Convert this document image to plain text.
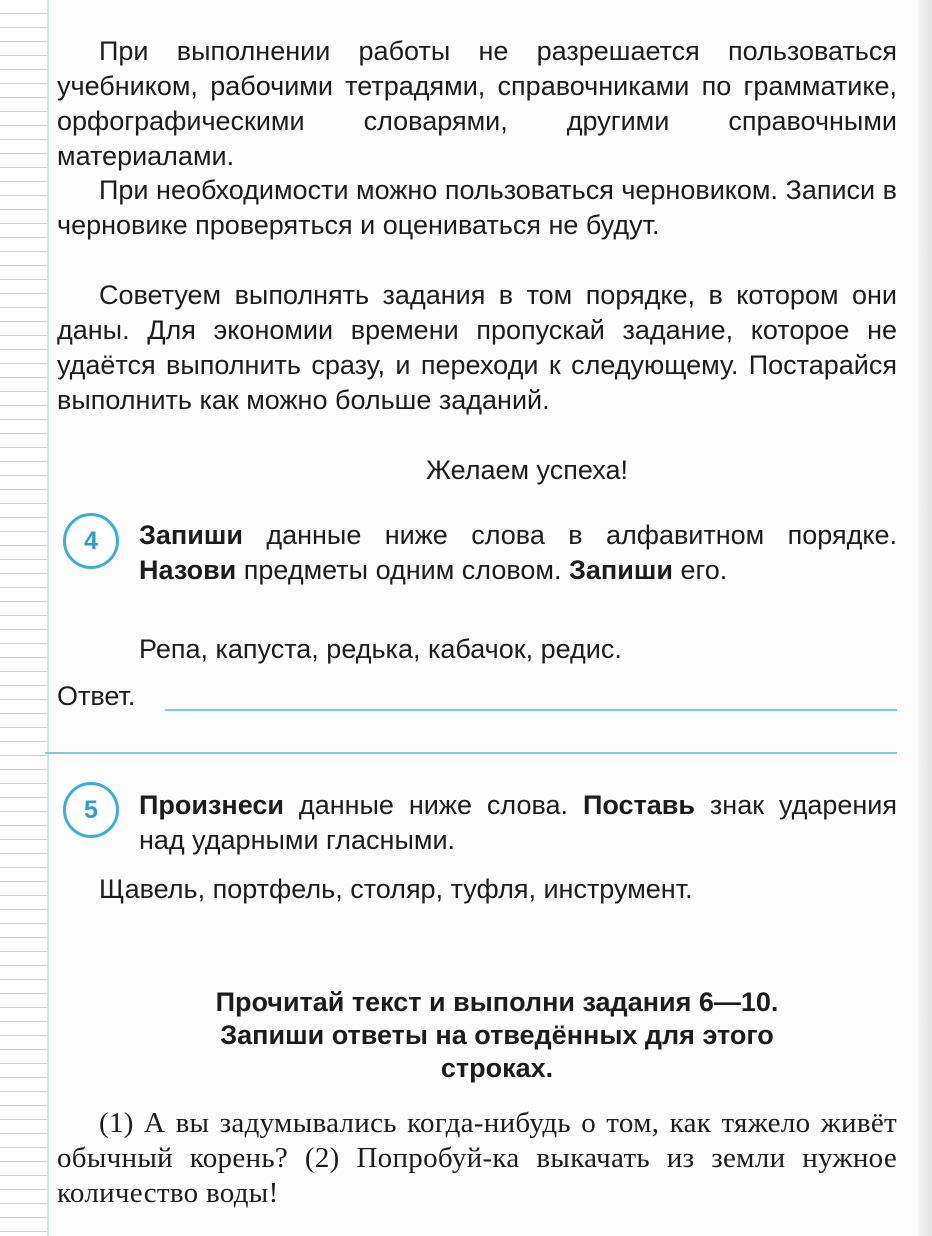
При выполнении работы не разрешается пользоваться учебником, рабочими тетрадями, справочниками по грамматике, орфографическими словарями, другими справочными материалами.

При необходимости можно пользоваться черновиком. Записи в черновике проверяться и оцениваться не будут.

Советуем выполнять задания в том порядке, в котором они даны. Для экономии времени пропускай задание, которое не удаётся выполнить сразу, и переходи к следующему. Постарайся выполнить как можно больше заданий.

Желаем успеха!

4	Запиши данные ниже слова в алфавитном порядке. Назови предметы одним словом. Запиши его.

Репа, капуста, редька, кабачок, редис.

Ответ.
5	Произнеси данные ниже слова. Поставь знак ударения над ударными гласными.

Щавель, портфель, столяр, туфля, инструмент.

Прочитай текст и выполни задания 6—10.
Запиши ответы на отведённых для этого
строках.

(1) А вы задумывались когда-нибудь о том, как тяжело живёт обычный корень? (2) Попробуй-ка выкачать из земли нужное количество воды!
